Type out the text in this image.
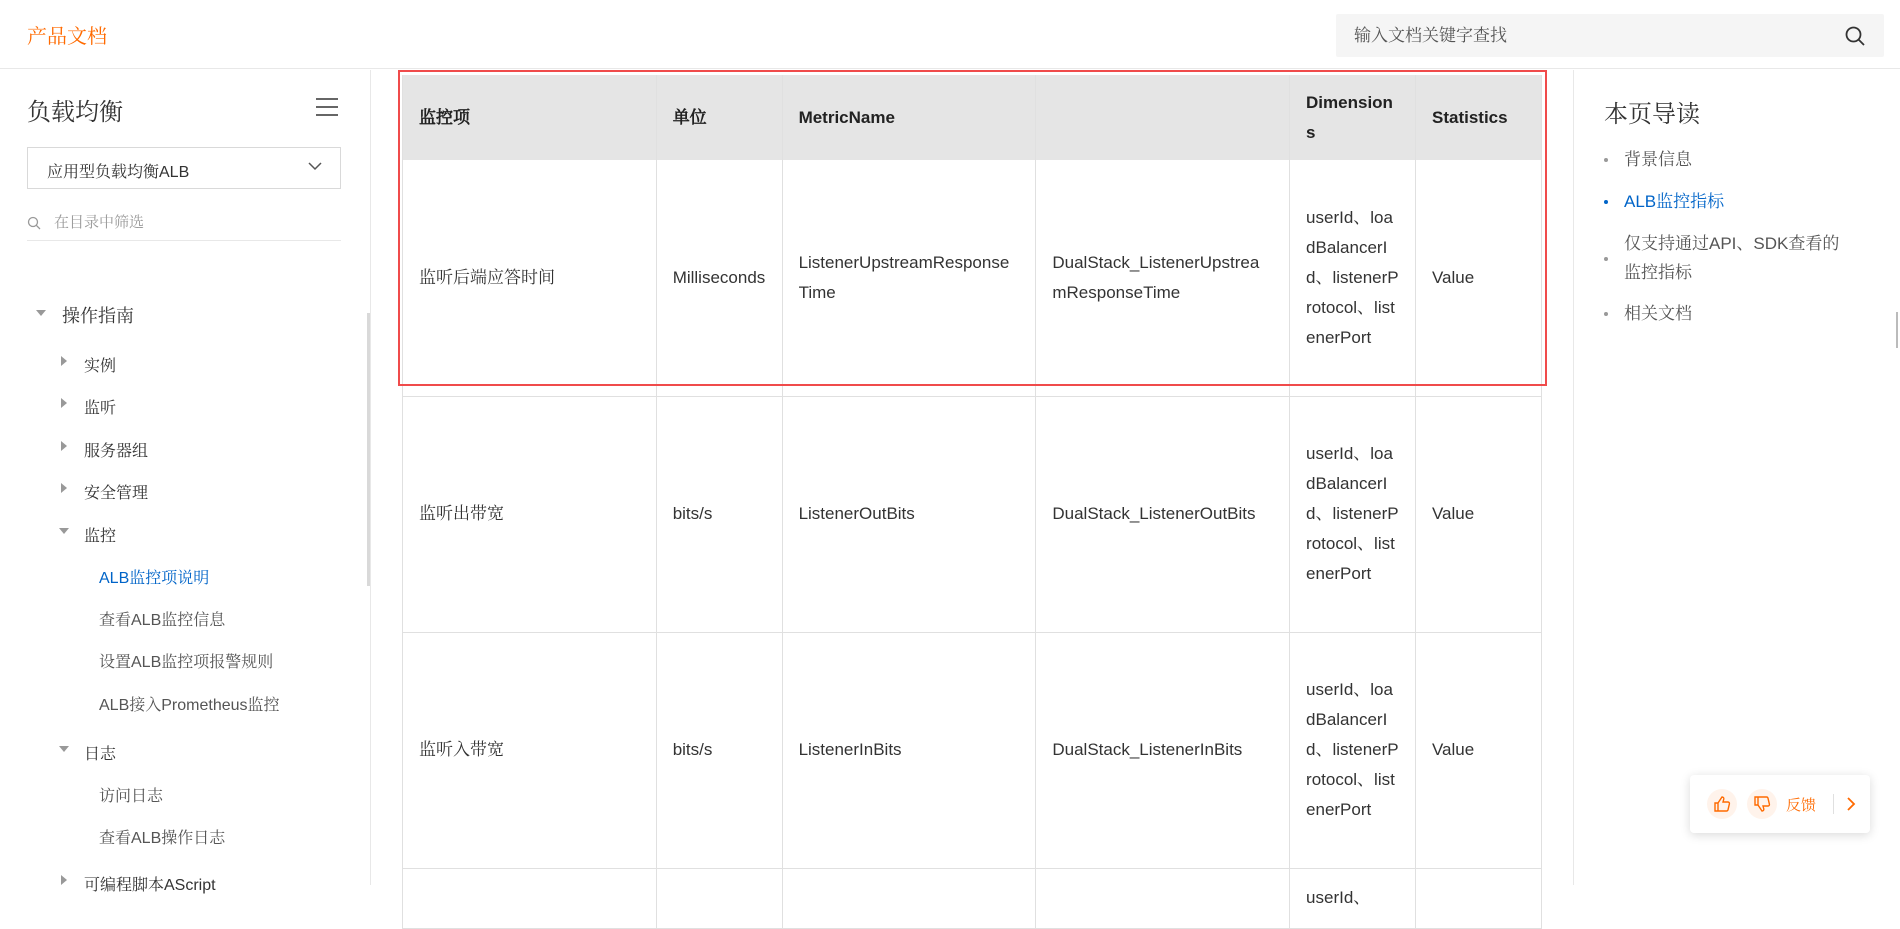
产品文档
输入文档关键字查找
负载均衡
应用型负载均衡ALB
在目录中筛选
操作指南
实例
监听
服务器组
安全管理
监控
ALB监控项说明
查看ALB监控信息
设置ALB监控项报警规则
ALB接入Prometheus监控
日志
访问日志
查看ALB操作日志
可编程脚本AScript
监控项	单位	MetricName		Dimensions	Statistics
监听后端应答时间	Milliseconds	ListenerUpstreamResponseTime	DualStack_ListenerUpstreamResponseTime	userId、loadBalancerId、listenerProtocol、listenerPort	Value
监听出带宽	bits/s	ListenerOutBits	DualStack_ListenerOutBits	userId、loadBalancerId、listenerProtocol、listenerPort	Value
监听入带宽	bits/s	ListenerInBits	DualStack_ListenerInBits	userId、loadBalancerId、listenerProtocol、listenerPort	Value
				userId、	
本页导读
背景信息
ALB监控指标
仅支持通过API、SDK查看的监控指标
相关文档
反馈
